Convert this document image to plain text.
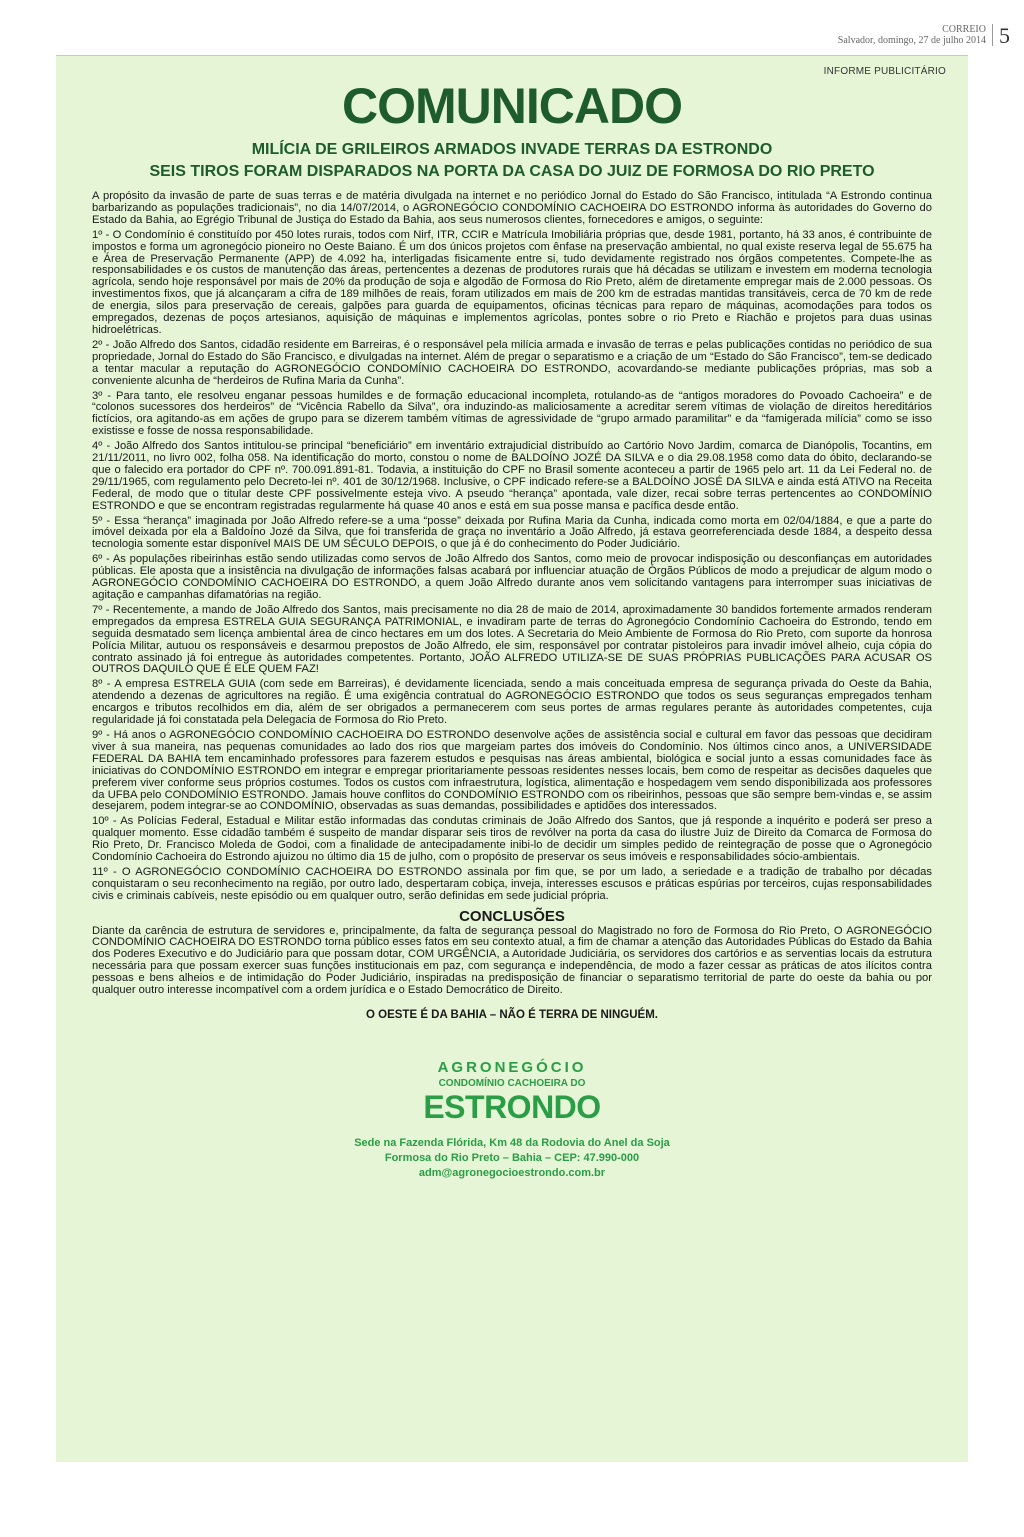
CORREIO
Salvador, domingo, 27 de julho 2014 5
INFORME PUBLICITÁRIO
COMUNICADO
MILÍCIA DE GRILEIROS ARMADOS INVADE TERRAS DA ESTRONDO
SEIS TIROS FORAM DISPARADOS NA PORTA DA CASA DO JUIZ DE FORMOSA DO RIO PRETO

A propósito da invasão de parte de suas terras e de matéria divulgada na internet e no periódico Jornal do Estado do São Francisco, intitulada “A Estrondo continua barbarizando as populações tradicionais”, no dia 14/07/2014, o AGRONEGÓCIO CONDOMÍNIO CACHOEIRA DO ESTRONDO informa às autoridades do Governo do Estado da Bahia, ao Egrégio Tribunal de Justiça do Estado da Bahia, aos seus numerosos clientes, fornecedores e amigos, o seguinte:

1º - O Condomínio é constituído por 450 lotes rurais, todos com Nirf, ITR, CCIR e Matrícula Imobiliária próprias que, desde 1981, portanto, há 33 anos, é contribuinte de impostos e forma um agronegócio pioneiro no Oeste Baiano. É um dos únicos projetos com ênfase na preservação ambiental, no qual existe reserva legal de 55.675 ha e Área de Preservação Permanente (APP) de 4.092 ha, interligadas fisicamente entre si, tudo devidamente registrado nos órgãos competentes. Compete-lhe as responsabilidades e os custos de manutenção das áreas, pertencentes a dezenas de produtores rurais que há décadas se utilizam e investem em moderna tecnologia agrícola, sendo hoje responsável por mais de 20% da produção de soja e algodão de Formosa do Rio Preto, além de diretamente empregar mais de 2.000 pessoas. Os investimentos fixos, que já alcançaram a cifra de 189 milhões de reais, foram utilizados em mais de 200 km de estradas mantidas transitáveis, cerca de 70 km de rede de energia, silos para preservação de cereais, galpões para guarda de equipamentos, oficinas técnicas para reparo de máquinas, acomodações para todos os empregados, dezenas de poços artesianos, aquisição de máquinas e implementos agrícolas, pontes sobre o rio Preto e Riachão e projetos para duas usinas hidroelétricas.

2º - João Alfredo dos Santos, cidadão residente em Barreiras, é o responsável pela milícia armada e invasão de terras e pelas publicações contidas no periódico de sua propriedade, Jornal do Estado do São Francisco, e divulgadas na internet. Além de pregar o separatismo e a criação de um “Estado do São Francisco”, tem-se dedicado a tentar macular a reputação do AGRONEGÓCIO CONDOMÍNIO CACHOEIRA DO ESTRONDO, acovardando-se mediante publicações próprias, mas sob a conveniente alcunha de “herdeiros de Rufina Maria da Cunha”.

3º - Para tanto, ele resolveu enganar pessoas humildes e de formação educacional incompleta, rotulando-as de “antigos moradores do Povoado Cachoeira” e de “colonos sucessores dos herdeiros” de “Vicência Rabello da Silva”, ora induzindo-as maliciosamente a acreditar serem vítimas de violação de direitos hereditários fictícios, ora agitando-as em ações de grupo para se dizerem também vítimas de agressividade de “grupo armado paramilitar” e da “famigerada milícia” como se isso existisse e fosse de nossa responsabilidade.

4º - João Alfredo dos Santos intitulou-se principal “beneficiário” em inventário extrajudicial distribuído ao Cartório Novo Jardim, comarca de Dianópolis, Tocantins, em 21/11/2011, no livro 002, folha 058. Na identificação do morto, constou o nome de BALDOÍNO JOZÉ DA SILVA e o dia 29.08.1958 como data do óbito, declarando-se que o falecido era portador do CPF nº. 700.091.891-81. Todavia, a instituição do CPF no Brasil somente aconteceu a partir de 1965 pelo art. 11 da Lei Federal no. de 29/11/1965, com regulamento pelo Decreto-lei nº. 401 de 30/12/1968. Inclusive, o CPF indicado refere-se a BALDOÍNO JOSÉ DA SILVA e ainda está ATIVO na Receita Federal, de modo que o titular deste CPF possivelmente esteja vivo. A pseudo “herança” apontada, vale dizer, recai sobre terras pertencentes ao CONDOMÍNIO ESTRONDO e que se encontram registradas regularmente há quase 40 anos e está em sua posse mansa e pacífica desde então.

5º - Essa “herança” imaginada por João Alfredo refere-se a uma “posse” deixada por Rufina Maria da Cunha, indicada como morta em 02/04/1884, e que a parte do imóvel deixada por ela a Baldoíno Jozé da Silva, que foi transferida de graça no inventário a João Alfredo, já estava georreferenciada desde 1884, a despeito dessa tecnologia somente estar disponível MAIS DE UM SÉCULO DEPOIS, o que já é do conhecimento do Poder Judiciário.

6º - As populações ribeirinhas estão sendo utilizadas como servos de João Alfredo dos Santos, como meio de provocar indisposição ou desconfianças em autoridades públicas. Ele aposta que a insistência na divulgação de informações falsas acabará por influenciar atuação de Órgãos Públicos de modo a prejudicar de algum modo o AGRONEGÓCIO CONDOMÍNIO CACHOEIRA DO ESTRONDO, a quem João Alfredo durante anos vem solicitando vantagens para interromper suas iniciativas de agitação e campanhas difamatórias na região.

7º - Recentemente, a mando de João Alfredo dos Santos, mais precisamente no dia 28 de maio de 2014, aproximadamente 30 bandidos fortemente armados renderam empregados da empresa ESTRELA GUIA SEGURANÇA PATRIMONIAL, e invadiram parte de terras do Agronegócio Condomínio Cachoeira do Estrondo, tendo em seguida desmatado sem licença ambiental área de cinco hectares em um dos lotes. A Secretaria do Meio Ambiente de Formosa do Rio Preto, com suporte da honrosa Polícia Militar, autuou os responsáveis e desarmou prepostos de João Alfredo, ele sim, responsável por contratar pistoleiros para invadir imóvel alheio, cuja cópia do contrato assinado já foi entregue às autoridades competentes. Portanto, JOÃO ALFREDO UTILIZA-SE DE SUAS PRÓPRIAS PUBLICAÇÕES PARA ACUSAR OS OUTROS DAQUILO QUE É ELE QUEM FAZ!

8º - A empresa ESTRELA GUIA (com sede em Barreiras), é devidamente licenciada, sendo a mais conceituada empresa de segurança privada do Oeste da Bahia, atendendo a dezenas de agricultores na região. É uma exigência contratual do AGRONEGÓCIO ESTRONDO que todos os seus seguranças empregados tenham encargos e tributos recolhidos em dia, além de ser obrigados a permanecerem com seus portes de armas regulares perante às autoridades competentes, cuja regularidade já foi constatada pela Delegacia de Formosa do Rio Preto.

9º - Há anos o AGRONEGÓCIO CONDOMÍNIO CACHOEIRA DO ESTRONDO desenvolve ações de assistência social e cultural em favor das pessoas que decidiram viver à sua maneira, nas pequenas comunidades ao lado dos rios que margeiam partes dos imóveis do Condomínio. Nos últimos cinco anos, a UNIVERSIDADE FEDERAL DA BAHIA tem encaminhado professores para fazerem estudos e pesquisas nas áreas ambiental, biológica e social junto a essas comunidades face às iniciativas do CONDOMÍNIO ESTRONDO em integrar e empregar prioritariamente pessoas residentes nesses locais, bem como de respeitar as decisões daqueles que preferem viver conforme seus próprios costumes. Todos os custos com infraestrutura, logística, alimentação e hospedagem vem sendo disponibilizada aos professores da UFBA pelo CONDOMÍNIO ESTRONDO. Jamais houve conflitos do CONDOMÍNIO ESTRONDO com os ribeirinhos, pessoas que são sempre bem-vindas e, se assim desejarem, podem integrar-se ao CONDOMÍNIO, observadas as suas demandas, possibilidades e aptidões dos interessados.

10º - As Polícias Federal, Estadual e Militar estão informadas das condutas criminais de João Alfredo dos Santos, que já responde a inquérito e poderá ser preso a qualquer momento. Esse cidadão também é suspeito de mandar disparar seis tiros de revólver na porta da casa do ilustre Juiz de Direito da Comarca de Formosa do Rio Preto, Dr. Francisco Moleda de Godoi, com a finalidade de antecipadamente inibi-lo de decidir um simples pedido de reintegração de posse que o Agronegócio Condomínio Cachoeira do Estrondo ajuizou no último dia 15 de julho, com o propósito de preservar os seus imóveis e responsabilidades sócio-ambientais.

11º - O AGRONEGÓCIO CONDOMÍNIO CACHOEIRA DO ESTRONDO assinala por fim que, se por um lado, a seriedade e a tradição de trabalho por décadas conquistaram o seu reconhecimento na região, por outro lado, despertaram cobiça, inveja, interesses escusos e práticas espúrias por terceiros, cujas responsabilidades civis e criminais cabíveis, neste episódio ou em qualquer outro, serão definidas em sede judicial própria.

CONCLUSÕES

Diante da carência de estrutura de servidores e, principalmente, da falta de segurança pessoal do Magistrado no foro de Formosa do Rio Preto, O AGRONEGÓCIO CONDOMÍNIO CACHOEIRA DO ESTRONDO torna público esses fatos em seu contexto atual, a fim de chamar a atenção das Autoridades Públicas do Estado da Bahia dos Poderes Executivo e do Judiciário para que possam dotar, COM URGÊNCIA, a Autoridade Judiciária, os servidores dos cartórios e as serventias locais da estrutura necessária para que possam exercer suas funções institucionais em paz, com segurança e independência, de modo a fazer cessar as práticas de atos ilícitos contra pessoas e bens alheios e de intimidação do Poder Judiciário, inspiradas na predisposição de financiar o separatismo territorial de parte do oeste da bahia ou por qualquer outro interesse incompatível com a ordem jurídica e o Estado Democrático de Direito.

O OESTE É DA BAHIA – NÃO É TERRA DE NINGUÉM.
AGRONEGÓCIO
CONDOMÍNIO CACHOEIRA DO
ESTRONDO
Sede na Fazenda Flórida, Km 48 da Rodovia do Anel da Soja
Formosa do Rio Preto – Bahia – CEP: 47.990-000
adm@agronegocioestrondo.com.br
